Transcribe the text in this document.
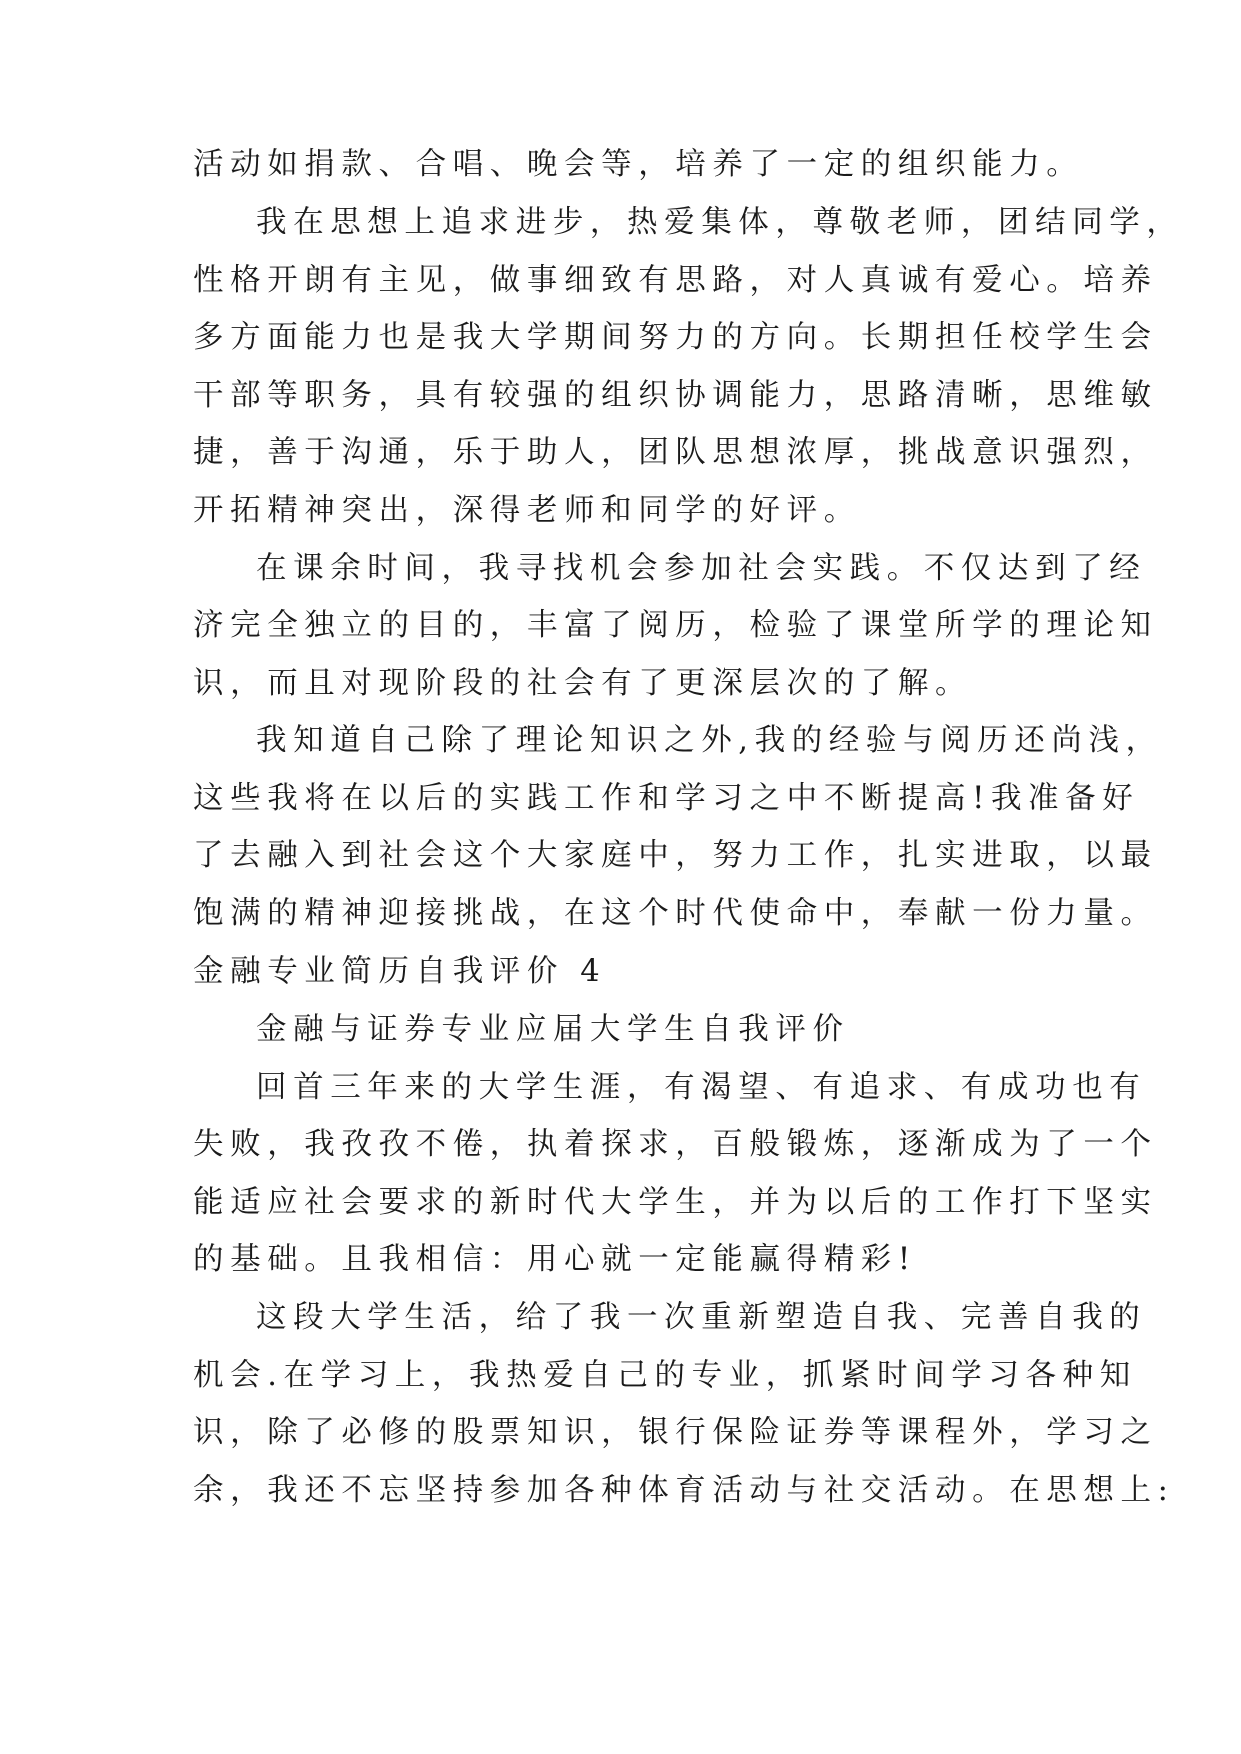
活动如捐款、合唱、晚会等，培养了一定的组织能力。
我在思想上追求进步，热爱集体，尊敬老师，团结同学，
性格开朗有主见，做事细致有思路，对人真诚有爱心。培养
多方面能力也是我大学期间努力的方向。长期担任校学生会
干部等职务，具有较强的组织协调能力，思路清晰，思维敏
捷，善于沟通，乐于助人，团队思想浓厚，挑战意识强烈，
开拓精神突出，深得老师和同学的好评。
在课余时间，我寻找机会参加社会实践。不仅达到了经
济完全独立的目的，丰富了阅历，检验了课堂所学的理论知
识，而且对现阶段的社会有了更深层次的了解。
我知道自己除了理论知识之外,我的经验与阅历还尚浅，
这些我将在以后的实践工作和学习之中不断提高!我准备好
了去融入到社会这个大家庭中，努力工作，扎实进取，以最
饱满的精神迎接挑战，在这个时代使命中，奉献一份力量。
金融专业简历自我评价 4
金融与证券专业应届大学生自我评价
回首三年来的大学生涯，有渴望、有追求、有成功也有
失败，我孜孜不倦，执着探求，百般锻炼，逐渐成为了一个
能适应社会要求的新时代大学生，并为以后的工作打下坚实
的基础。且我相信：用心就一定能赢得精彩!
这段大学生活，给了我一次重新塑造自我、完善自我的
机会.在学习上，我热爱自己的专业，抓紧时间学习各种知
识，除了必修的股票知识，银行保险证券等课程外，学习之
余，我还不忘坚持参加各种体育活动与社交活动。在思想上:
